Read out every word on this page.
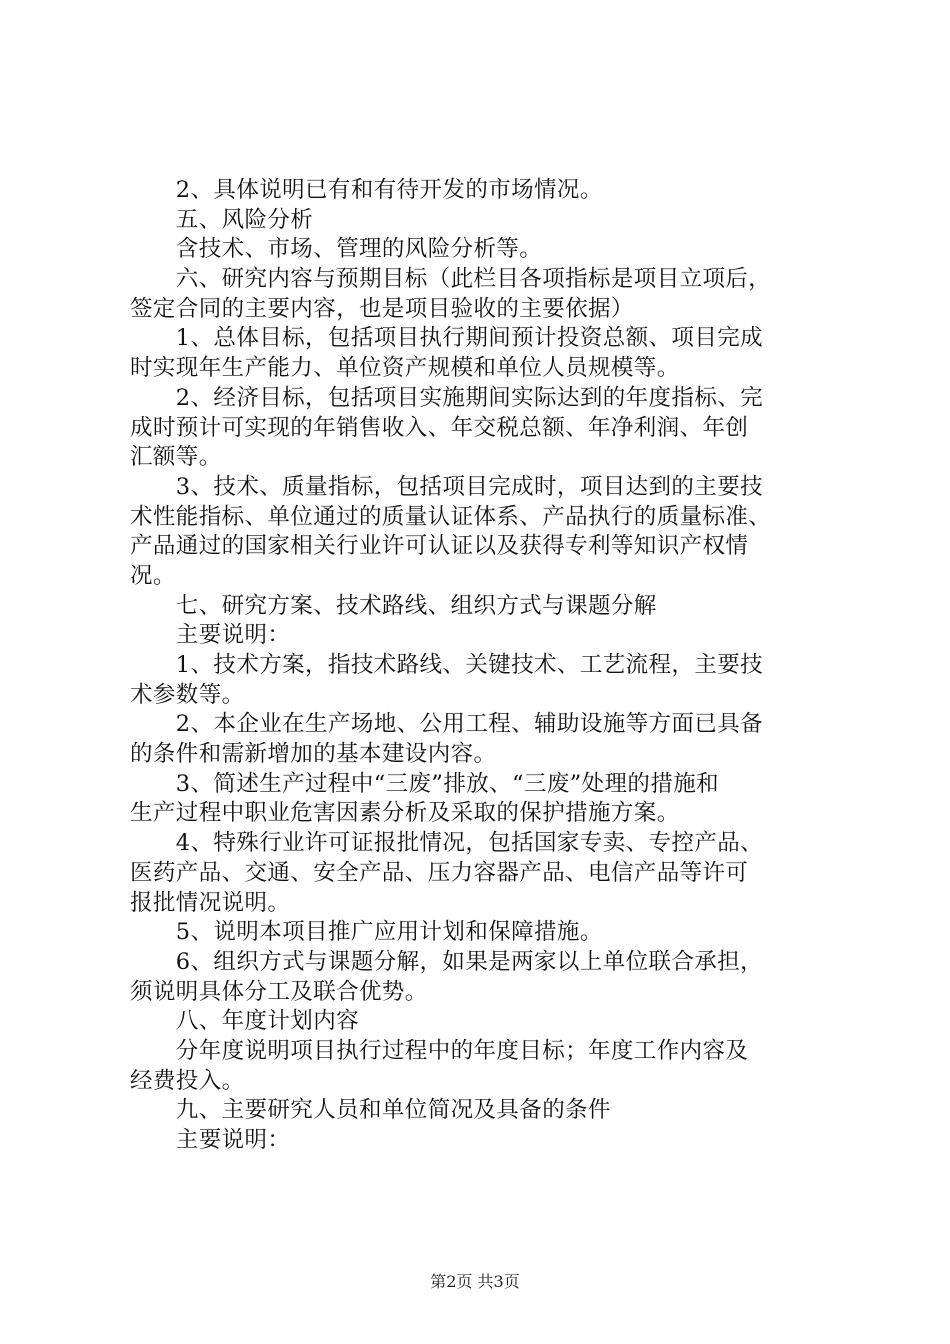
　　2、具体说明已有和有待开发的市场情况。
　　五、风险分析
　　含技术、市场、管理的风险分析等。
　　六、研究内容与预期目标（此栏目各项指标是项目立项后，
签定合同的主要内容，也是项目验收的主要依据）
　　1、总体目标，包括项目执行期间预计投资总额、项目完成
时实现年生产能力、单位资产规模和单位人员规模等。
　　2、经济目标，包括项目实施期间实际达到的年度指标、完
成时预计可实现的年销售收入、年交税总额、年净利润、年创
汇额等。
　　3、技术、质量指标，包括项目完成时，项目达到的主要技
术性能指标、单位通过的质量认证体系、产品执行的质量标准、
产品通过的国家相关行业许可认证以及获得专利等知识产权情
况。
　　七、研究方案、技术路线、组织方式与课题分解
　　主要说明：
　　1、技术方案，指技术路线、关键技术、工艺流程，主要技
术参数等。
　　2、本企业在生产场地、公用工程、辅助设施等方面已具备
的条件和需新增加的基本建设内容。
　　3、简述生产过程中“三废”排放、“三废”处理的措施和
生产过程中职业危害因素分析及采取的保护措施方案。
　　4、特殊行业许可证报批情况，包括国家专卖、专控产品、
医药产品、交通、安全产品、压力容器产品、电信产品等许可
报批情况说明。
　　5、说明本项目推广应用计划和保障措施。
　　6、组织方式与课题分解，如果是两家以上单位联合承担，
须说明具体分工及联合优势。
　　八、年度计划内容
　　分年度说明项目执行过程中的年度目标；年度工作内容及
经费投入。
　　九、主要研究人员和单位简况及具备的条件
　　主要说明：
第2页 共3页
